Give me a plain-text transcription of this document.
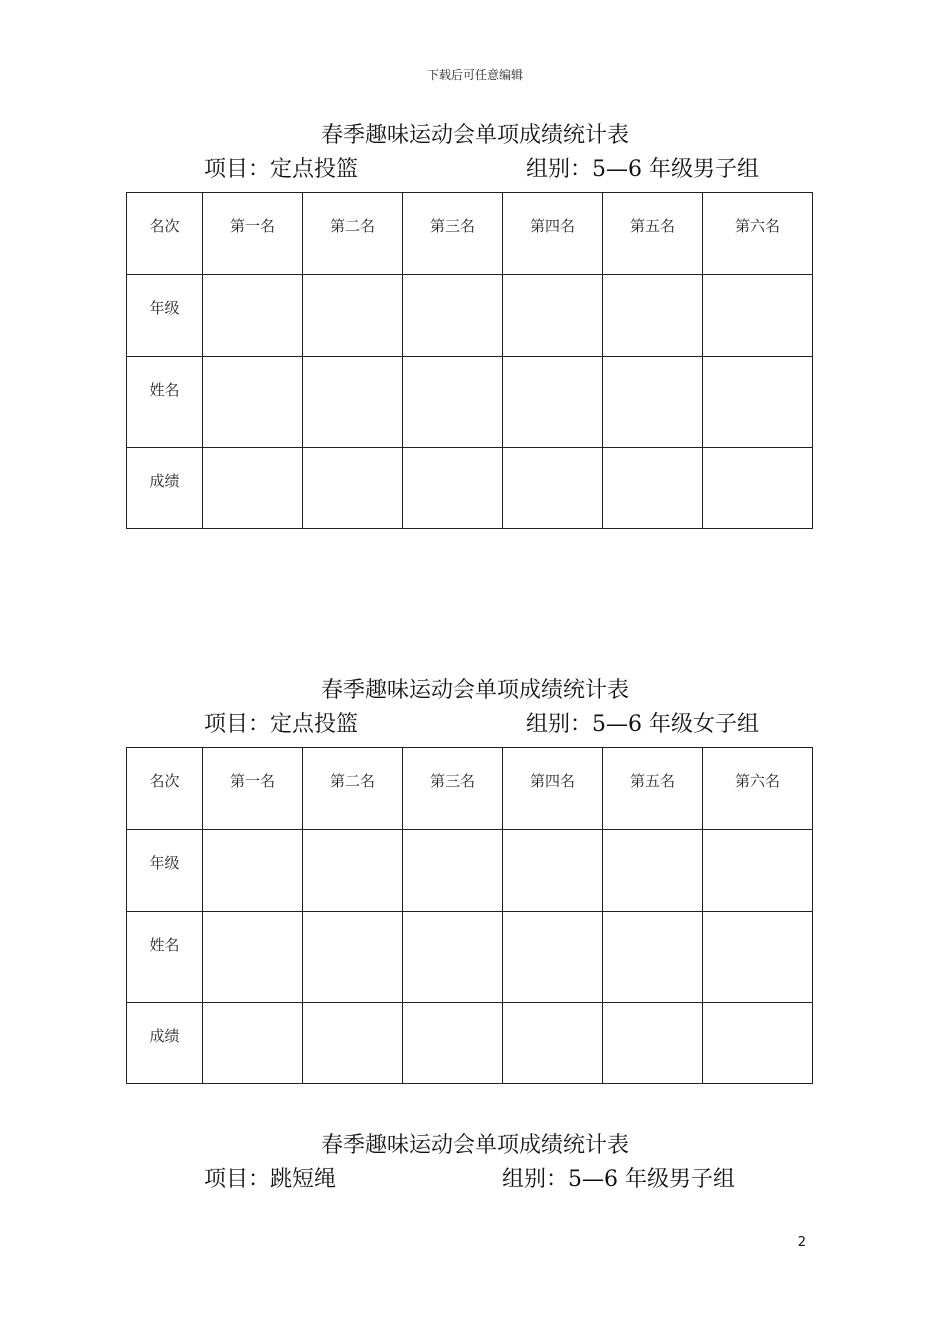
下载后可任意编辑
春季趣味运动会单项成绩统计表
项目：定点投篮	组别：5—6 年级男子组
名次	第一名	第二名	第三名	第四名	第五名	第六名
年级						
姓名						
成绩						
春季趣味运动会单项成绩统计表
项目：定点投篮	组别：5—6 年级女子组
名次	第一名	第二名	第三名	第四名	第五名	第六名
年级						
姓名						
成绩						
春季趣味运动会单项成绩统计表
项目：跳短绳	组别：5—6 年级男子组
2
